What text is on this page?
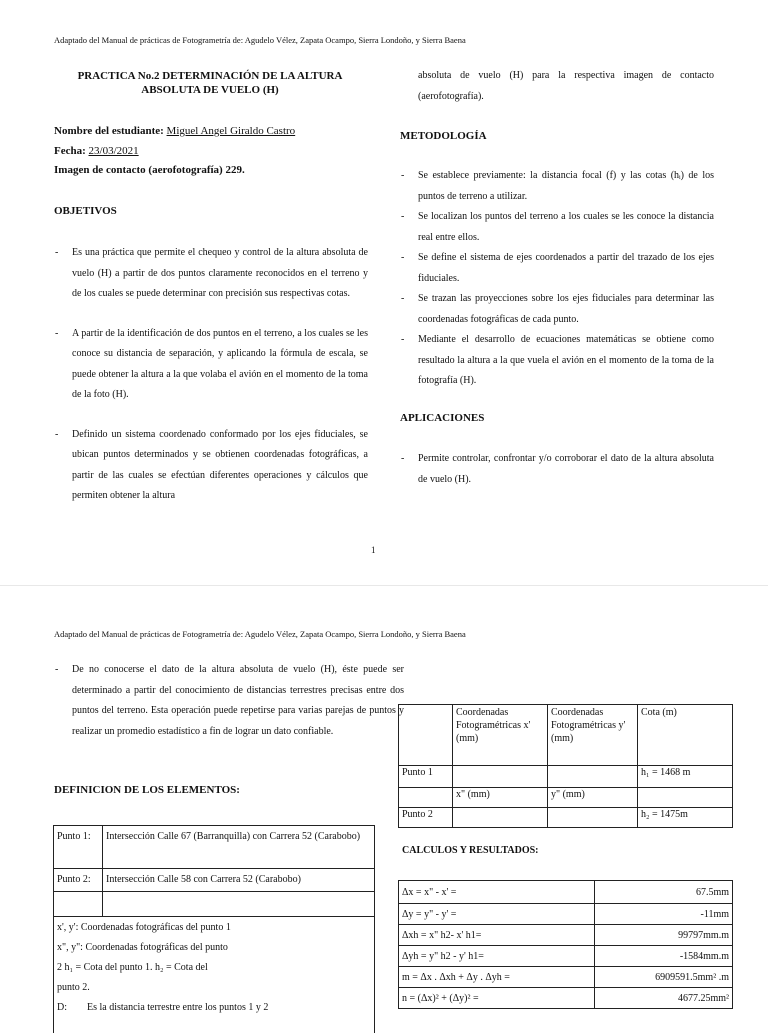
Adaptado del Manual de prácticas de Fotogrametría de: Agudelo Vélez, Zapata Ocampo, Sierra Londoño, y Sierra Baena
PRACTICA No.2 DETERMINACIÓN DE LA ALTURA
ABSOLUTA DE VUELO (H)
Nombre del estudiante: Miguel Angel Giraldo Castro
Fecha: 23/03/2021
Imagen de contacto (aerofotografía) 229.
OBJETIVOS
- Es una práctica que permite el chequeo y control de la altura absoluta de vuelo (H) a partir de dos puntos claramente reconocidos en el terreno y de los cuales se puede determinar con precisión sus respectivas cotas.
- A partir de la identificación de dos puntos en el terreno, a los cuales se les conoce su distancia de separación, y aplicando la fórmula de escala, se puede obtener la altura a la que volaba el avión en el momento de la toma de la foto (H).
- Definido un sistema coordenado conformado por los ejes fiduciales, se ubican puntos determinados y se obtienen coordenadas fotográficas, a partir de las cuales se efectúan diferentes operaciones y cálculos que permiten obtener la altura
absoluta de vuelo (H) para la respectiva imagen de contacto (aerofotografía).
METODOLOGÍA
- Se establece previamente: la distancia focal (f) y las cotas (hᵢ) de los puntos de terreno a utilizar.
- Se localizan los puntos del terreno a los cuales se les conoce la distancia real entre ellos.
- Se define el sistema de ejes coordenados a partir del trazado de los ejes fiduciales.
- Se trazan las proyecciones sobre los ejes fiduciales para determinar las coordenadas fotográficas de cada punto.
- Mediante el desarrollo de ecuaciones matemáticas se obtiene como resultado la altura a la que vuela el avión en el momento de la toma de la fotografía (H).
APLICACIONES
- Permite controlar, confrontar y/o corroborar el dato de la altura absoluta de vuelo (H).
1
Adaptado del Manual de prácticas de Fotogrametría de: Agudelo Vélez, Zapata Ocampo, Sierra Londoño, y Sierra Baena
- De no conocerse el dato de la altura absoluta de vuelo (H), éste puede ser determinado a partir del conocimiento de distancias terrestres precisas entre dos puntos del terreno. Esta operación puede repetirse para varias parejas de puntos y realizar un promedio estadístico a fin de lograr un dato confiable.
DEFINICION DE LOS ELEMENTOS:
Punto 1:	Intersección Calle 67 (Barranquilla) con Carrera 52 (Carabobo)
Punto 2:	Intersección Calle 58 con Carrera 52 (Carabobo)

x', y': Coordenadas fotográficas del punto 1
x", y": Coordenadas fotográficas del punto
2 h₁ = Cota del punto 1. h₂ = Cota del
punto 2.
D: Es la distancia terrestre entre los puntos 1 y 2	
	Coordenadas Fotogramétricas x' (mm)	Coordenadas Fotogramétricas y' (mm)	Cota (m)
Punto 1			h₁ = 1468 m
	x" (mm)	y" (mm)	
Punto 2			h₂ = 1475m
CALCULOS Y RESULTADOS:
Δx = x" - x' =	67.5mm
Δy = y" - y' =	-11mm
Δxh = x" h2- x' h1=	99797mm.m
Δyh = y" h2 - y' h1=	-1584mm.m
m = Δx . Δxh + Δy . Δyh =	6909591.5mm² .m
n = (Δx)² + (Δy)² =	4677.25mm²
